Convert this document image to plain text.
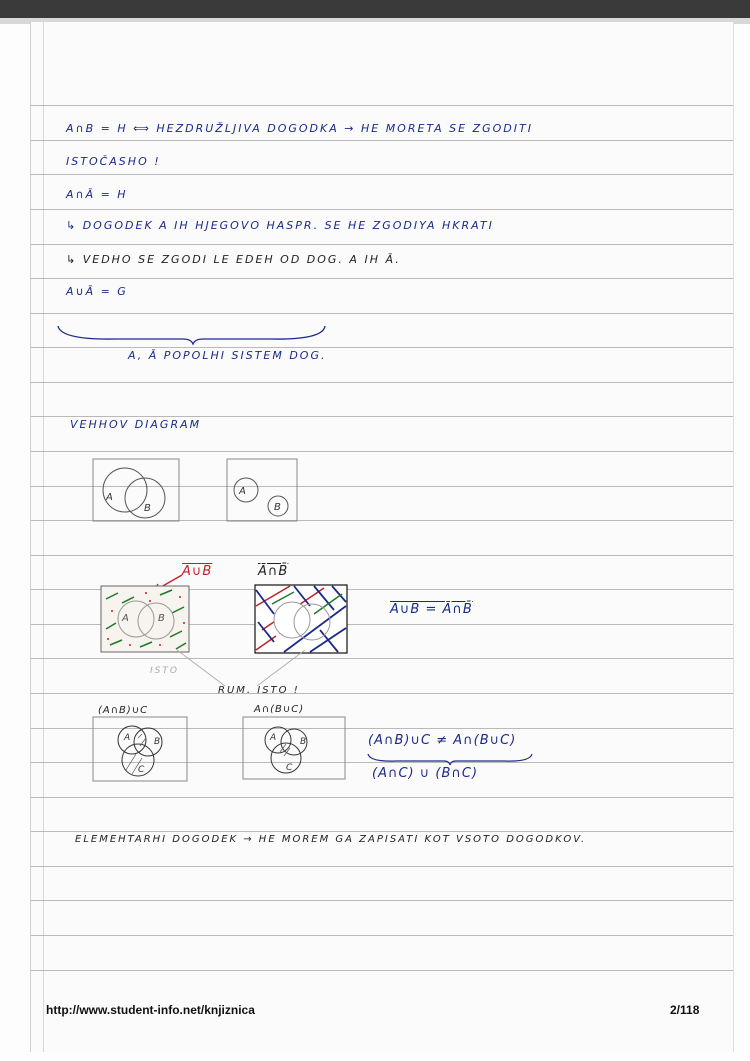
A∩B = H ⟺ HEZDRUŽLJIVA DOGODKA → HE MORETA SE ZGODITI
ISTOČASHO !
A∩Ā = H
↳ DOGODEK A IH HJEGOVO HASPR. SE HE ZGODIYA HKRATI
↳ VEDHO SE ZGODI LE EDEH OD DOG. A IH Ā.
A∪Ā = G
A, Ā POPOLHI SISTEM DOG.
VEHHOV DIAGRAM
A
B
A
B
A∪B
A	B
Ā∩B̄
A∪B = Ā∩B̄
ISTO
RUM. ISTO !
(A∩B)∪C
A	B
C
A∩(B∪C)
A	B
C
(A∩B)∪C ≠ A∩(B∪C)
(A∩C) ∪ (B∩C)
ELEMEHTARHI DOGODEK → HE MOREM GA ZAPISATI KOT VSOTO DOGODKOV.
http://www.student-info.net/knjiznica	2/118
